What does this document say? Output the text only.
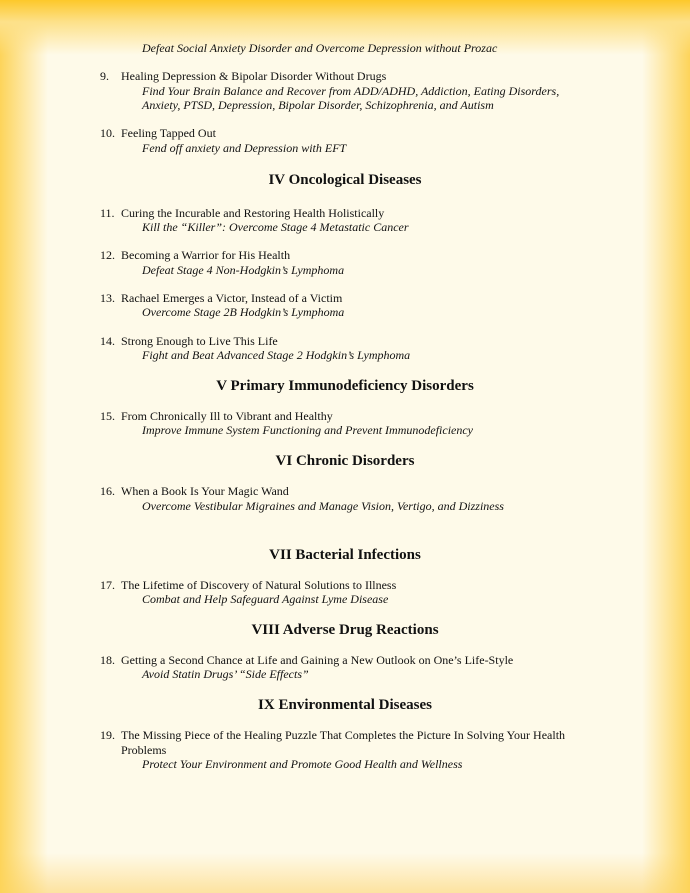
Defeat Social Anxiety Disorder and Overcome Depression without Prozac
9. Healing Depression & Bipolar Disorder Without Drugs
Find Your Brain Balance and Recover from ADD/ADHD, Addiction, Eating Disorders,
Anxiety, PTSD, Depression, Bipolar Disorder, Schizophrenia, and Autism
10. Feeling Tapped Out
Fend off anxiety and Depression with EFT
IV Oncological Diseases
11. Curing the Incurable and Restoring Health Holistically
Kill the “Killer”: Overcome Stage 4 Metastatic Cancer
12. Becoming a Warrior for His Health
Defeat Stage 4 Non-Hodgkin’s Lymphoma
13. Rachael Emerges a Victor, Instead of a Victim
Overcome Stage 2B Hodgkin’s Lymphoma
14. Strong Enough to Live This Life
Fight and Beat Advanced Stage 2 Hodgkin’s Lymphoma
V Primary Immunodeficiency Disorders
15. From Chronically Ill to Vibrant and Healthy
Improve Immune System Functioning and Prevent Immunodeficiency
VI Chronic Disorders
16. When a Book Is Your Magic Wand
Overcome Vestibular Migraines and Manage Vision, Vertigo, and Dizziness
VII Bacterial Infections
17. The Lifetime of Discovery of Natural Solutions to Illness
Combat and Help Safeguard Against Lyme Disease
VIII Adverse Drug Reactions
18. Getting a Second Chance at Life and Gaining a New Outlook on One’s Life-Style
Avoid Statin Drugs’ “Side Effects”
IX Environmental Diseases
19. The Missing Piece of the Healing Puzzle That Completes the Picture In Solving Your Health Problems
Protect Your Environment and Promote Good Health and Wellness
